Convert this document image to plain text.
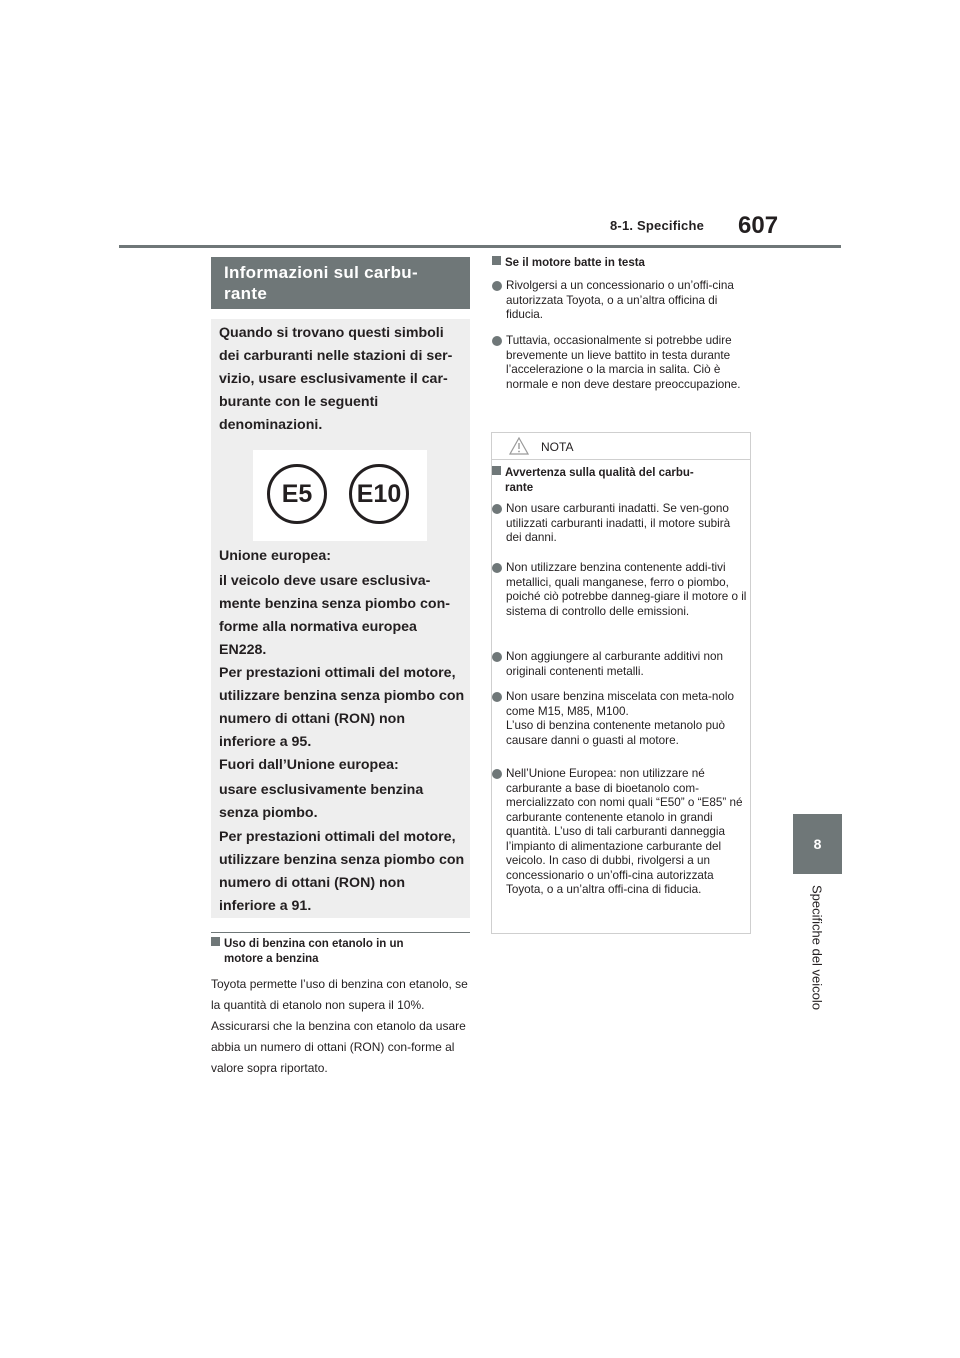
8-1. Specifiche 607
8
Specifiche del veicolo
Informazioni sul carbu-
rante

Quando si trovano questi simboli dei carburanti nelle stazioni di ser-vizio, usare esclusivamente il car-burante con le seguenti denominazioni.

E5	E10

Unione europea:

il veicolo deve usare esclusiva-mente benzina senza piombo con-forme alla normativa europea EN228.

Per prestazioni ottimali del motore, utilizzare benzina senza piombo con numero di ottani (RON) non inferiore a 95.

Fuori dall’Unione europea:

usare esclusivamente benzina senza piombo.

Per prestazioni ottimali del motore, utilizzare benzina senza piombo con numero di ottani (RON) non inferiore a 91.

Uso di benzina con etanolo in un
motore a benzina

Toyota permette l’uso di benzina con etanolo, se la quantità di etanolo non supera il 10%. Assicurarsi che la benzina con etanolo da usare abbia un numero di ottani (RON) con-forme al valore sopra riportato.

Se il motore batte in testa
Rivolgersi a un concessionario o un’offi-cina autorizzata Toyota, o a un’altra officina di fiducia.
Tuttavia, occasionalmente si potrebbe udire brevemente un lieve battito in testa durante l’accelerazione o la marcia in salita. Ciò è normale e non deve destare preoccupazione.
NOTA
Avvertenza sulla qualità del carbu-
rante
Non usare carburanti inadatti. Se ven-gono utilizzati carburanti inadatti, il motore subirà dei danni.
Non utilizzare benzina contenente addi-tivi metallici, quali manganese, ferro o piombo, poiché ciò potrebbe danneg-giare il motore o il sistema di controllo delle emissioni.
Non aggiungere al carburante additivi non originali contenenti metalli.
Non usare benzina miscelata con meta-nolo come M15, M85, M100.
L’uso di benzina contenente metanolo può causare danni o guasti al motore.
Nell’Unione Europea: non utilizzare né carburante a base di bioetanolo com-mercializzato con nomi quali “E50” o “E85” né carburante contenente etanolo in grandi quantità. L’uso di tali carburanti danneggia l’impianto di alimentazione carburante del veicolo. In caso di dubbi, rivolgersi a un concessionario o un’offi-cina autorizzata Toyota, o a un’altra offi-cina di fiducia.
